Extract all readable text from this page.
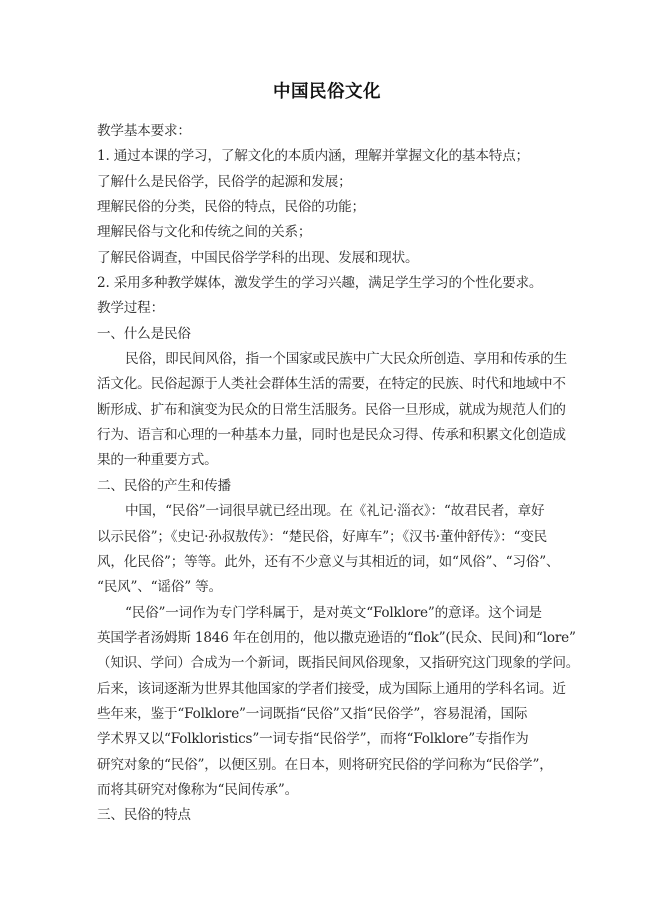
中国民俗文化
教学基本要求：
1. 通过本课的学习，了解文化的本质内涵，理解并掌握文化的基本特点；
了解什么是民俗学，民俗学的起源和发展；
理解民俗的分类，民俗的特点，民俗的功能；
理解民俗与文化和传统之间的关系；
了解民俗调查，中国民俗学学科的出现、发展和现状。
2. 采用多种教学媒体，激发学生的学习兴趣，满足学生学习的个性化要求。
教学过程：
一、什么是民俗
民俗，即民间风俗，指一个国家或民族中广大民众所创造、享用和传承的生
活文化。民俗起源于人类社会群体生活的需要，在特定的民族、时代和地域中不
断形成、扩布和演变为民众的日常生活服务。民俗一旦形成，就成为规范人们的
行为、语言和心理的一种基本力量，同时也是民众习得、传承和积累文化创造成
果的一种重要方式。
二、民俗的产生和传播
中国，“民俗”一词很早就已经出现。在《礼记·淄衣》：“故君民者，章好
以示民俗”；《史记·孙叔敖传》：“楚民俗，好庳车”；《汉书·董仲舒传》：“变民
风，化民俗”；等等。此外，还有不少意义与其相近的词，如“风俗”、“习俗”、
“民风”、“谣俗” 等。
“民俗”一词作为专门学科属于，是对英文“Folklore”的意译。这个词是
英国学者汤姆斯 1846 年在创用的，他以撒克逊语的“flok”(民众、民间)和“lore”
（知识、学问）合成为一个新词，既指民间风俗现象，又指研究这门现象的学问。
后来，该词逐渐为世界其他国家的学者们接受，成为国际上通用的学科名词。近
些年来，鉴于“Folklore”一词既指“民俗”又指“民俗学”，容易混淆，国际
学术界又以“Folkloristics”一词专指“民俗学”，而将“Folklore”专指作为
研究对象的“民俗”，以便区别。在日本，则将研究民俗的学问称为“民俗学”，
而将其研究对像称为“民间传承”。
三、民俗的特点
